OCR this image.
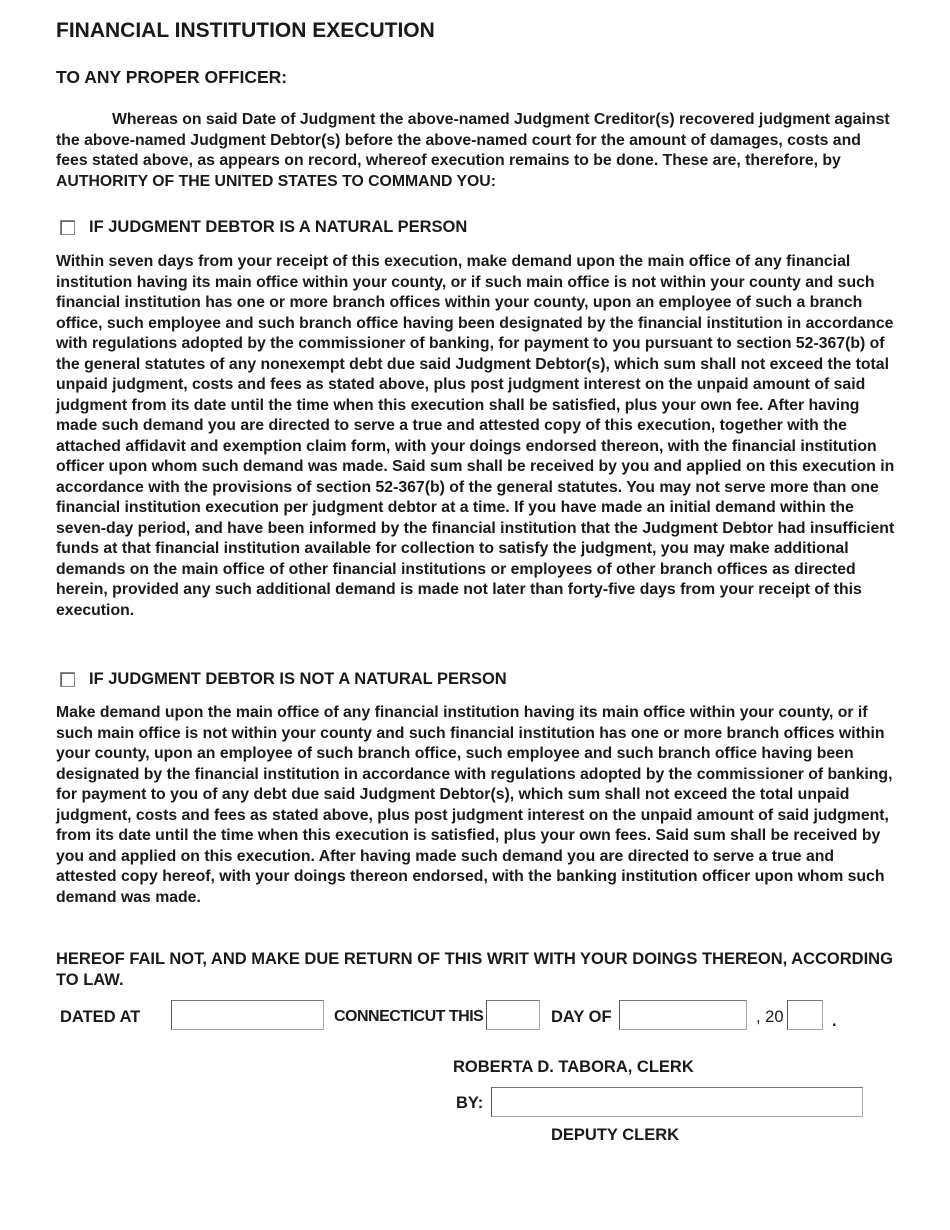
FINANCIAL INSTITUTION EXECUTION
TO ANY PROPER OFFICER:

Whereas on said Date of Judgment the above-named Judgment Creditor(s) recovered judgment against the above-named Judgment Debtor(s) before the above-named court for the amount of damages, costs and fees stated above, as appears on record, whereof execution remains to be done. These are, therefore, by AUTHORITY OF THE UNITED STATES TO COMMAND YOU:

IF JUDGMENT DEBTOR IS A NATURAL PERSON

Within seven days from your receipt of this execution, make demand upon the main office of any financial institution having its main office within your county, or if such main office is not within your county and such financial institution has one or more branch offices within your county, upon an employee of such a branch office, such employee and such branch office having been designated by the financial institution in accordance with regulations adopted by the commissioner of banking, for payment to you pursuant to section 52-367(b) of the general statutes of any nonexempt debt due said Judgment Debtor(s), which sum shall not exceed the total unpaid judgment, costs and fees as stated above, plus post judgment interest on the unpaid amount of said judgment from its date until the time when this execution shall be satisfied, plus your own fee. After having made such demand you are directed to serve a true and attested copy of this execution, together with the attached affidavit and exemption claim form, with your doings endorsed thereon, with the financial institution officer upon whom such demand was made. Said sum shall be received by you and applied on this execution in accordance with the provisions of section 52-367(b) of the general statutes. You may not serve more than one financial institution execution per judgment debtor at a time. If you have made an initial demand within the seven-day period, and have been informed by the financial institution that the Judgment Debtor had insufficient funds at that financial institution available for collection to satisfy the judgment, you may make additional demands on the main office of other financial institutions or employees of other branch offices as directed herein, provided any such additional demand is made not later than forty-five days from your receipt of this execution.

IF JUDGMENT DEBTOR IS NOT A NATURAL PERSON

Make demand upon the main office of any financial institution having its main office within your county, or if such main office is not within your county and such financial institution has one or more branch offices within your county, upon an employee of such branch office, such employee and such branch office having been designated by the financial institution in accordance with regulations adopted by the commissioner of banking, for payment to you of any debt due said Judgment Debtor(s), which sum shall not exceed the total unpaid judgment, costs and fees as stated above, plus post judgment interest on the unpaid amount of said judgment, from its date until the time when this execution is satisfied, plus your own fees. Said sum shall be received by you and applied on this execution. After having made such demand you are directed to serve a true and attested copy hereof, with your doings thereon endorsed, with the banking institution officer upon whom such demand was made.

HEREOF FAIL NOT, AND MAKE DUE RETURN OF THIS WRIT WITH YOUR DOINGS THEREON, ACCORDING TO LAW.

DATED AT	CONNECTICUT THIS	DAY OF	, 20	.
ROBERTA D. TABORA, CLERK
BY:
DEPUTY CLERK
